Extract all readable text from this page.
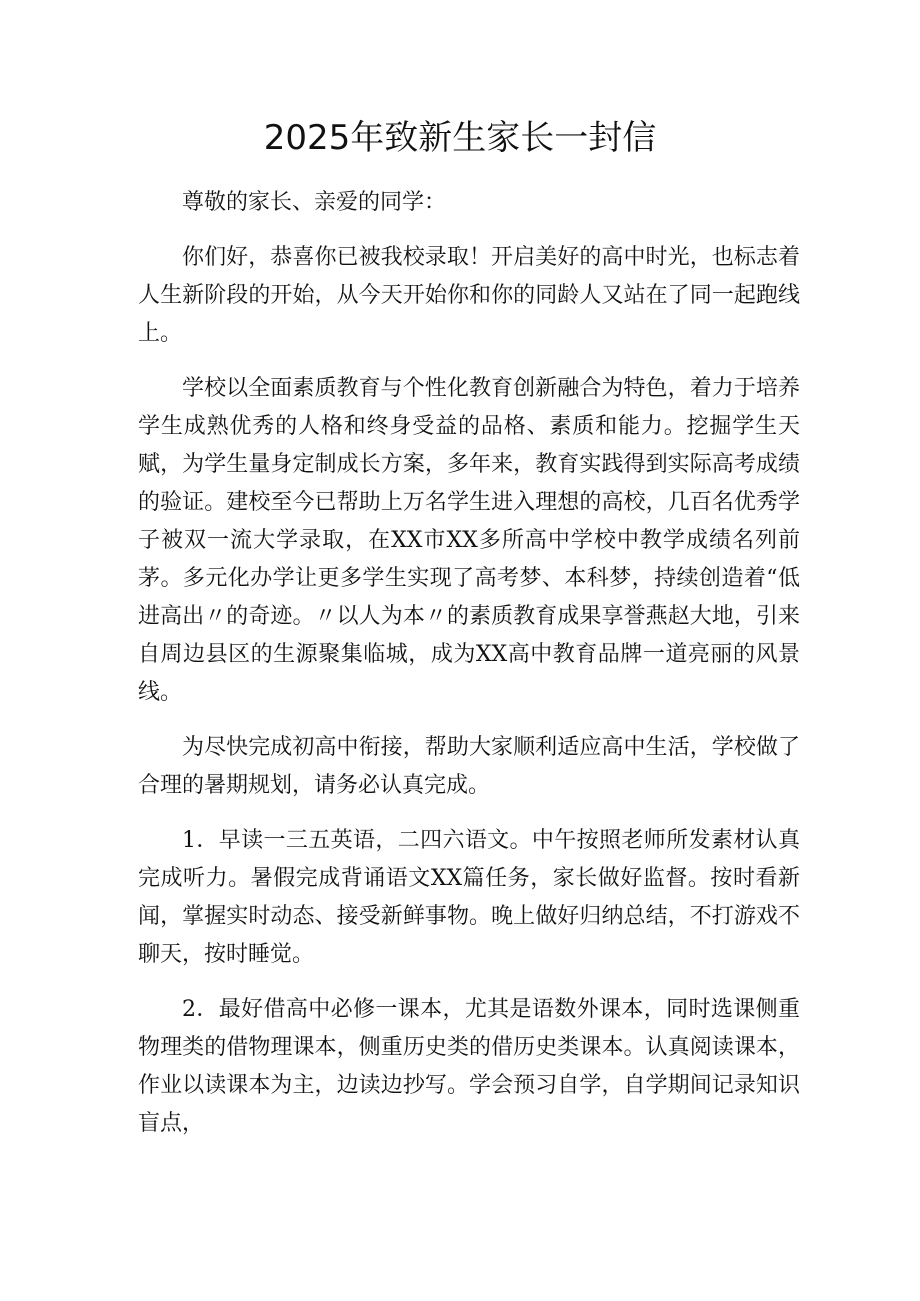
2025年致新生家长一封信

尊敬的家长、亲爱的同学：

你们好，恭喜你已被我校录取！开启美好的高中时光，也标志着人生新阶段的开始，从今天开始你和你的同龄人又站在了同一起跑线上。

学校以全面素质教育与个性化教育创新融合为特色，着力于培养学生成熟优秀的人格和终身受益的品格、素质和能力。挖掘学生天赋，为学生量身定制成长方案，多年来，教育实践得到实际高考成绩的验证。建校至今已帮助上万名学生进入理想的高校，几百名优秀学子被双一流大学录取，在XX市XX多所高中学校中教学成绩名列前茅。多元化办学让更多学生实现了高考梦、本科梦，持续创造着“低进高出〃的奇迹。〃以人为本〃的素质教育成果享誉燕赵大地，引来自周边县区的生源聚集临城，成为XX高中教育品牌一道亮丽的风景线。

为尽快完成初高中衔接，帮助大家顺利适应高中生活，学校做了合理的暑期规划，请务必认真完成。

1．早读一三五英语，二四六语文。中午按照老师所发素材认真完成听力。暑假完成背诵语文XX篇任务，家长做好监督。按时看新闻，掌握实时动态、接受新鲜事物。晚上做好归纳总结，不打游戏不聊天，按时睡觉。

2．最好借高中必修一课本，尤其是语数外课本，同时选课侧重物理类的借物理课本，侧重历史类的借历史类课本。认真阅读课本，作业以读课本为主，边读边抄写。学会预习自学，自学期间记录知识盲点，
